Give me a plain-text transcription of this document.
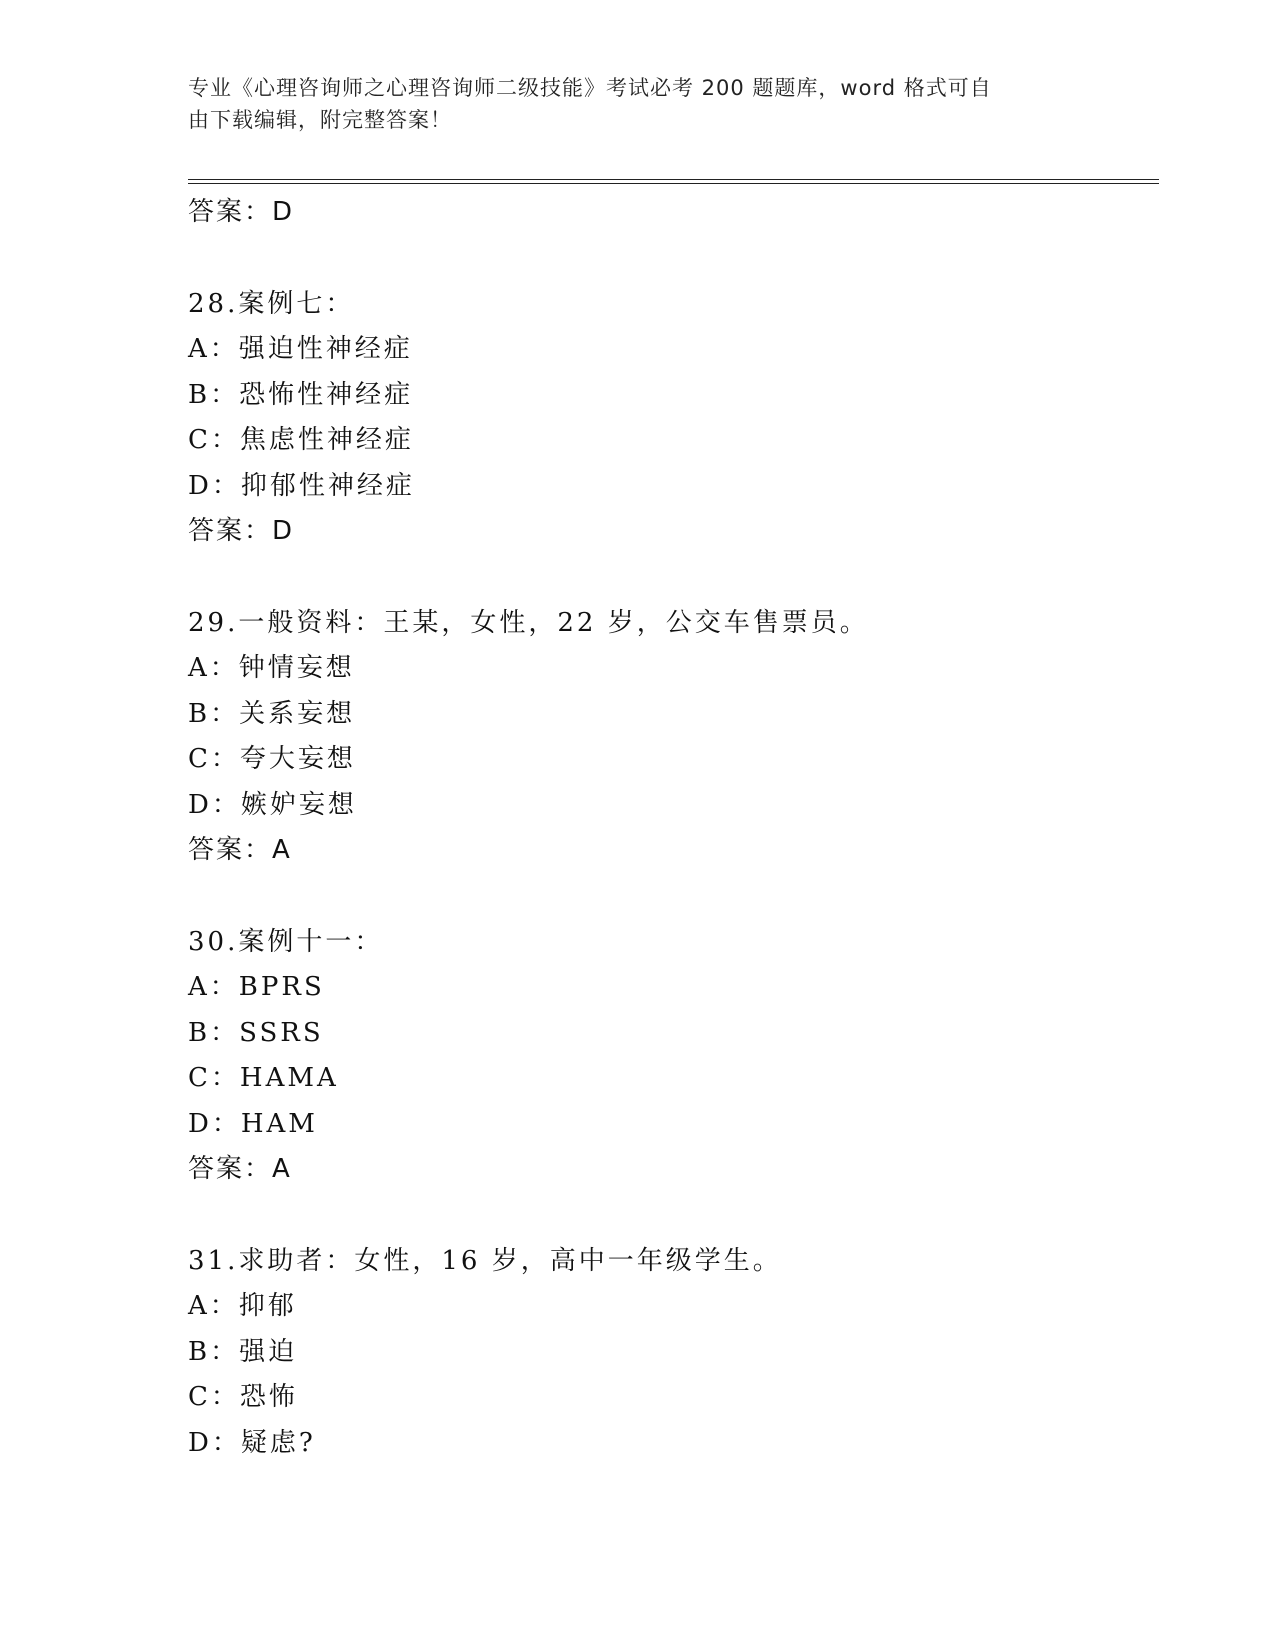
专业《心理咨询师之心理咨询师二级技能》考试必考 200 题题库，word 格式可自
由下载编辑，附完整答案！
答案：D
28.案例七：
A：强迫性神经症
B：恐怖性神经症
C：焦虑性神经症
D：抑郁性神经症
答案：D
29.一般资料：王某，女性，22 岁，公交车售票员。
A：钟情妄想
B：关系妄想
C：夸大妄想
D：嫉妒妄想
答案：A
30.案例十一：
A：BPRS
B：SSRS
C：HAMA
D：HAM
答案：A
31.求助者：女性，16 岁，高中一年级学生。
A：抑郁
B：强迫
C：恐怖
D：疑虑?
